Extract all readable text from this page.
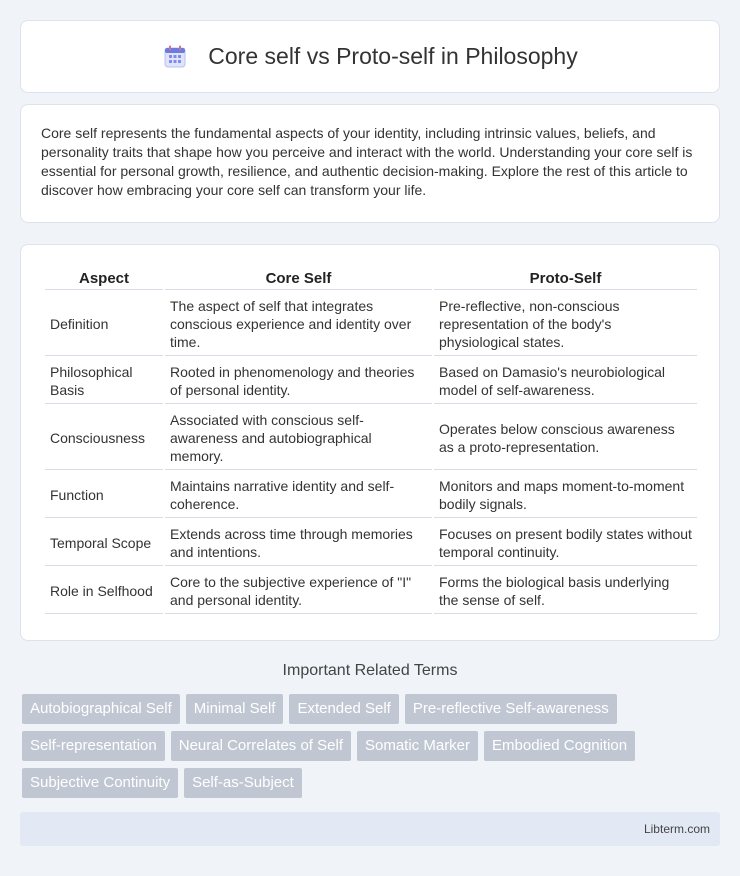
Core self vs Proto-self in Philosophy

Core self represents the fundamental aspects of your identity, including intrinsic values, beliefs, and personality traits that shape how you perceive and interact with the world. Understanding your core self is essential for personal growth, resilience, and authentic decision-making. Explore the rest of this article to discover how embracing your core self can transform your life.

Aspect	Core Self	Proto-Self
Definition	The aspect of self that integrates conscious experience and identity over time.	Pre-reflective, non-conscious representation of the body's physiological states.
Philosophical Basis	Rooted in phenomenology and theories of personal identity.	Based on Damasio's neurobiological model of self-awareness.
Consciousness	Associated with conscious self-awareness and autobiographical memory.	Operates below conscious awareness as a proto-representation.
Function	Maintains narrative identity and self-coherence.	Monitors and maps moment-to-moment bodily signals.
Temporal Scope	Extends across time through memories and intentions.	Focuses on present bodily states without temporal continuity.
Role in Selfhood	Core to the subjective experience of "I" and personal identity.	Forms the biological basis underlying the sense of self.
Important Related Terms
Autobiographical Self	Minimal Self	Extended Self	Pre-reflective Self-awareness
Self-representation	Neural Correlates of Self	Somatic Marker	Embodied Cognition
Subjective Continuity	Self-as-Subject
Libterm.com
